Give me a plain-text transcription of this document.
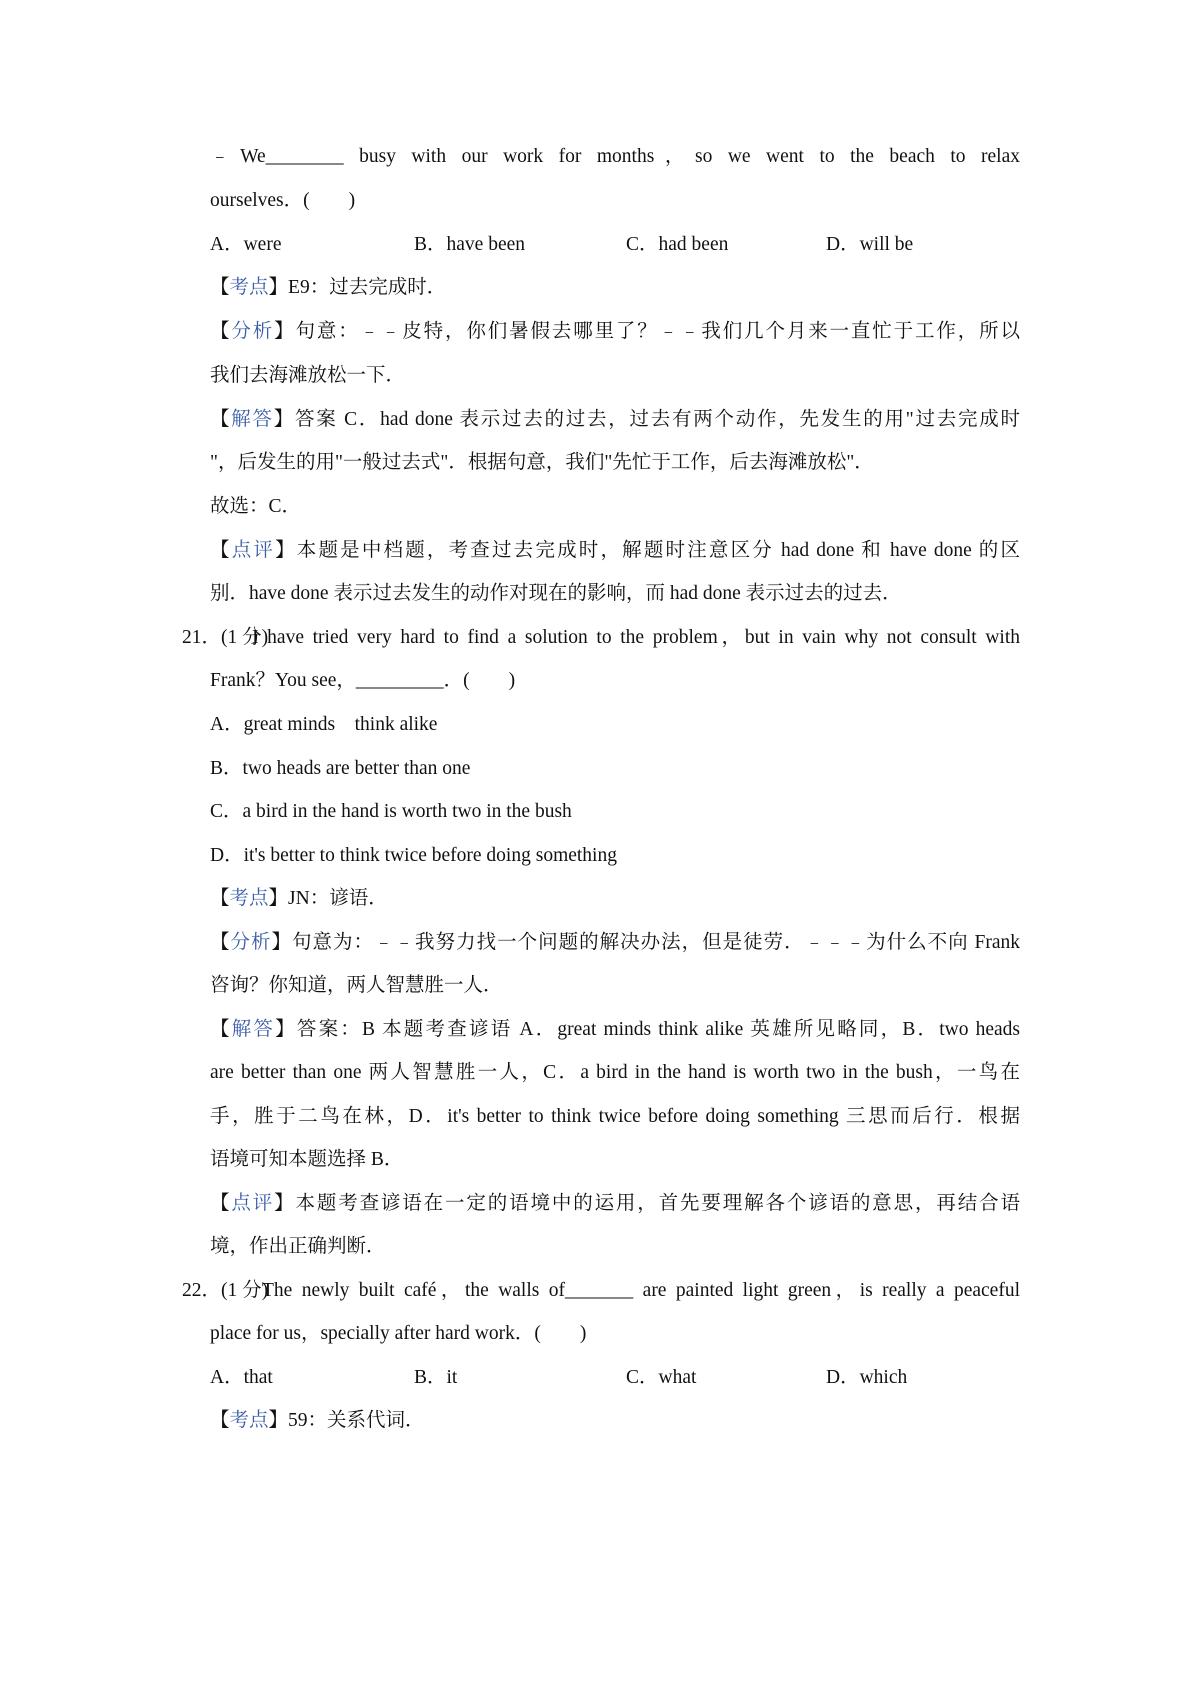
﹣We________ busy with our work for months，so we went to the beach to relax
ourselves．(　　)
A．were	B．have been	C．had been	D．will be
【考点】E9：过去完成时．
【分析】句意：﹣﹣皮特，你们暑假去哪里了？﹣﹣我们几个月来一直忙于工作，所以
我们去海滩放松一下．
【解答】答案 C．had done 表示过去的过去，过去有两个动作，先发生的用"过去完成时
"，后发生的用"一般过去式"．根据句意，我们"先忙于工作，后去海滩放松"．
故选：C．
【点评】本题是中档题，考查过去完成时，解题时注意区分 had done 和 have done 的区
别．have done 表示过去发生的动作对现在的影响，而 had done 表示过去的过去．
21．(1 分)
I have tried very hard to find a solution to the problem，but in vain why not consult with
Frank？You see，_________．(　　)
A．great minds　think alike
B．two heads are better than one
C．a bird in the hand is worth two in the bush
D．it's better to think twice before doing something
【考点】JN：谚语．
【分析】句意为：﹣﹣我努力找一个问题的解决办法，但是徒劳．﹣﹣﹣为什么不向 Frank
咨询？你知道，两人智慧胜一人．
【解答】答案：B 本题考查谚语 A．great minds think alike 英雄所见略同，B．two heads
are better than one 两人智慧胜一人，C．a bird in the hand is worth two in the bush，一鸟在
手，胜于二鸟在林，D．it's better to think twice before doing something 三思而后行．根据
语境可知本题选择 B．
【点评】本题考查谚语在一定的语境中的运用，首先要理解各个谚语的意思，再结合语
境，作出正确判断．
22．(1 分)
The newly built café，the walls of_______ are painted light green，is really a peaceful
place for us，specially after hard work．(　　)
A．that	B．it	C．what	D．which
【考点】59：关系代词．
